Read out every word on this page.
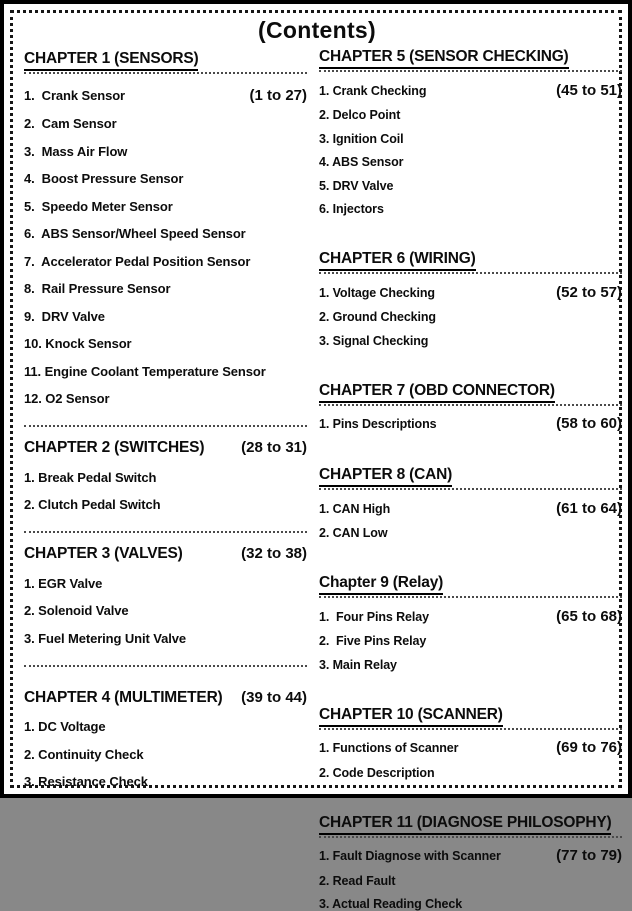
(Contents)
CHAPTER 1 (SENSORS)
1.  Crank Sensor	(1 to 27)
2.  Cam Sensor
3.  Mass Air Flow
4.  Boost Pressure Sensor
5.  Speedo Meter Sensor
6.  ABS Sensor/Wheel Speed Sensor
7.  Accelerator Pedal Position Sensor
8.  Rail Pressure Sensor
9.  DRV Valve
10. Knock Sensor
11. Engine Coolant Temperature Sensor
12. O2 Sensor
CHAPTER 2 (SWITCHES) (28 to 31)
1. Break Pedal Switch
2. Clutch Pedal Switch
CHAPTER 3 (VALVES)	(32 to 38)
1. EGR Valve
2. Solenoid Valve
3. Fuel Metering Unit Valve
CHAPTER 4 (MULTIMETER) (39 to 44)
1. DC Voltage
2. Continuity Check
3. Resistance Check
CHAPTER 5 (SENSOR CHECKING)
1. Crank Checking	(45 to 51)
2. Delco Point
3. Ignition Coil
4. ABS Sensor
5. DRV Valve
6. Injectors
CHAPTER 6 (WIRING)
1. Voltage Checking	(52 to 57)
2. Ground Checking
3. Signal Checking
CHAPTER 7 (OBD CONNECTOR)
1. Pins Descriptions	(58 to 60)
CHAPTER 8 (CAN)
1. CAN High	(61 to 64)
2. CAN Low
Chapter 9 (Relay)
1.  Four Pins Relay	(65 to 68)
2.  Five Pins Relay
3. Main Relay
CHAPTER 10 (SCANNER)
1. Functions of Scanner	(69 to 76)
2. Code Description
CHAPTER 11 (DIAGNOSE PHILOSOPHY)
1. Fault Diagnose with Scanner	(77 to 79)
2. Read Fault
3. Actual Reading Check
